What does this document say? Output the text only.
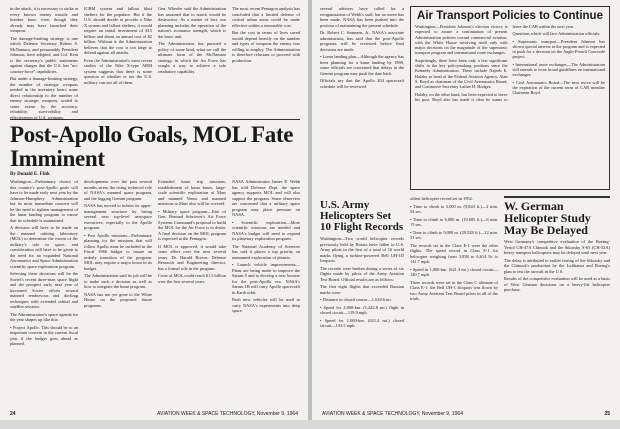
in the attack, it is necessary to strike at every known enemy missile and bomber base, even though they already may have launched their weapons.

The damage-limiting strategy is one which Defense Secretary Robert S. McNamara, and presumably President Johnson, have adopted, and Col. Kent is the secretary's public statements against charges that the U.S. has "no-counter-force" capabilities.

But under a damage-limiting strategy, the number of strategic weapons needed in the inventory bears some direct relationship to the number of enemy strategic weapons, scaled to some extent by the accuracy, reliability, survivability and effectiveness of U.S. weapons.

ICBM system and fallout blast shelters for the populace. But if the U.S. should decide to provide a Nike X system and fallout shelters, it would require an initial investment of $15 billion and about an annual cost of $2 billion. Without it, the Administration believes that the cost is too large to defend against all attacks.

Even the Administration's most recent studies of the Nike X-type ABM system suggests that there is some question of whether or not the U.S. military can use all of them.

Gen. Wheeler said the Administration has assumed that to attack would be destructive. As a matter of fact, our planning includes the operation of the nation's economic strength, which is the basic unit.

The Administration has pursued a policy of some kind, what we call the ultimate form of the McNamara strategy, in which the Air Force has sought a way to achieve a safe retaliatory capability.

The most recent Pentagon analysis has concluded that a limited defense of critical urban areas could be made effective within a reasonable cost.

But the cost in terms of lives saved would depend heavily on the number and types of weapons the enemy was willing to employ. The Administration is therefore reluctant to proceed with production.

Post-Apollo Goals, MOL Fate Imminent
By Donald E. Fink

Washington—Preliminary choice of this country's post-Apollo goals will have to be made early next year by the Johnson-Humphrey Administration but its most immediate concern will be the need to tighten management of the lunar landing program to insure that its schedule is maintained.

A decision will have to be made on the manned orbiting laboratory (MOL) to determine the extent of the military's role in space, and consideration will have to be given to the need for an expanded National Aeronautics and Space Administration scientific space exploration program.

Selecting these decisions will be the Soviet's recent three-man space flight and the prospect early next year of increased Soviet efforts toward manned rendezvous and docking techniques with extended orbital and satellite sessions.

The Administration's space agenda for the year shapes up like this:

• Project Apollo. This should be to an important concern in the current fiscal year if the budget goes ahead as planned.

developments over the past several months stress the rising technical role of NASA's manned space program, and the lagging Gemini program.

NASA has moved to bolster its upper-management structure by hiring several new top-level aerospace executives, especially to the Apollo program.

• Post Apollo missions—Preliminary planning for the missions that will follow Apollo must be included in the Fiscal 1966 budget to insure an orderly transition of the program. MOL may require a major boost in its budget.

The Administration said its job will be to make such a decision as well as how to integrate the lunar program.

NASA has not yet gone to the White House on the proposed future programs.

Extended lunar trip missions, establishment of lunar bases, large-scale scientific exploration of Mars and manned Venus and manned missions to Mars also will be covered.

• Military space program—Fate of Gen. Bernard Schriever's Air Force Systems Command's proposal to build the MOL for the Air Force is in doubt. A final decision on the MOL program is expected at the Pentagon.

If MOL is approved, it would take some effort over the next several years. Dr. Harold Brown, Defense Research and Engineering director, has a formal role in the program.

Costs of MOL could reach $1.5 billion over the first several years.

NASA Administrator James E. Webb has told Defense Dept. the space agency supports MOL and will also support the program. Some observers are concerned that a military space program may place pressure on NASA.

• Scientific exploration—More scientific missions are needed and NASA's budget will need to expand its planetary exploration program.

The National Academy of Sciences has said it places a top priority on unmanned exploration of planets.

• Launch vehicle improvements—Plans are being made to improve the Saturn 5 and to develop a new booster for the post-Apollo era. NASA's Saturn 1B will carry Apollo spacecraft in Earth orbit.

Both new vehicles will be used to carry NASA's experiments into deep space.

24	AVIATION WEEK & SPACE TECHNOLOGY, November 9, 1964

several advisers have called for a reorganization of Webb's staff, but no move has been made. NASA has been pushed into the position of maintaining the present schedule.

Dr. Robert C. Seamans, Jr., NASA's associate administrator, has said that the post-Apollo programs will be reviewed before final decisions are made.

• Lunar landing plan—Although the agency has been planning for a lunar landing by 1969, some officials are concerned that delays in the Gemini program may push the date back.

Officials say that the Apollo 204 spacecraft schedule will be reviewed.

Air Transport Policies to Continue

Washington—President Johnson's election victory is expected to assure a continuation of present Administration policies toward commercial aviation, with the White House involving itself only with major decisions on the magnitude of the supersonic transport program and international route exchanges.

Surprisingly, there have been only a few significant shifts in the key policymaking positions since the Kennedy Administration. These include Najeeb E. Halaby as head of the Federal Aviation Agency, Alan S. Boyd as chairman of the Civil Aeronautics Board, and Commerce Secretary Luther H. Hodges.

Halaby, on the other hand, has been expected to leave his post. Boyd also has made it clear he wants to leave the CAB within the next year.

Questions which will face Administration officials:

• Supersonic transport—President Johnson has shown special interest in the program and is expected to push for a decision on the Anglo-French Concorde project.

• International route exchanges—The Administration still intends to issue broad guidelines on international exchanges.

• Civil Aeronautics Board—The next move will be the expiration of the current term of CAB member Chairman Boyd.

U.S. Army Helicopters Set 10 Flight Records

Washington—Two world helicopter records previously held by Russia have fallen to U.S. Army pilots in the first of a total of 16 world marks flying a turbine-powered Bell UH-1D Iroquois.

The records were broken during a series of six flights made by pilots of the Army Aviation Test Board. Official results are as follows:

The first eight flights that exceeded Russian marks were:

• Distance in closed course—1,618.6 mi.

• Speed for 2,000-km. (1,242.8 mi.) flight in closed circuit—119.9 mph.

• Speed for 1,000-km. (621.4 mi.) closed circuit—133.5 mph.

oldest helicopter record set in 1952.

• Time to climb to 3,000 m. (9,843 ft.)—2 min. 54 sec.

• Time to climb to 6,000 m. (19,685 ft.)—6 min. 15 sec.

• Time to climb to 9,000 m. (29,528 ft.)—12 min. 31 sec.

The records set in the Class E-1 were the other flights. The speed record in Class E-1 for helicopter weighing from 3,858 to 6,614 lb. is 141.7 mph.

• Speed in 1,000-km. (621.4 mi.) closed circuit—140.7 mph.

Three records were set in the Class C ultimate of Class E-1: the Bell UH-1 Iroquois was flown by two Army Aviation Test Board pilots in all of the trials.

W. German Helicopter Study May Be Delayed

West Germany's competitive evaluation of the Boeing-Vertol CH-47A Chinook and the Sikorsky S-65 (CH-53A) heavy transport helicopters may be delayed until next year.

The delay is attributed to earlier testing of the Sikorsky and the Chinook's production by the Lufthansa and Boeing's plan to test the aircraft in the U.S.

Results of the competitive evaluation will be used as a basis of West German decisions on a heavy-lift helicopter purchase.

AVIATION WEEK & SPACE TECHNOLOGY, November 9, 1964	25
